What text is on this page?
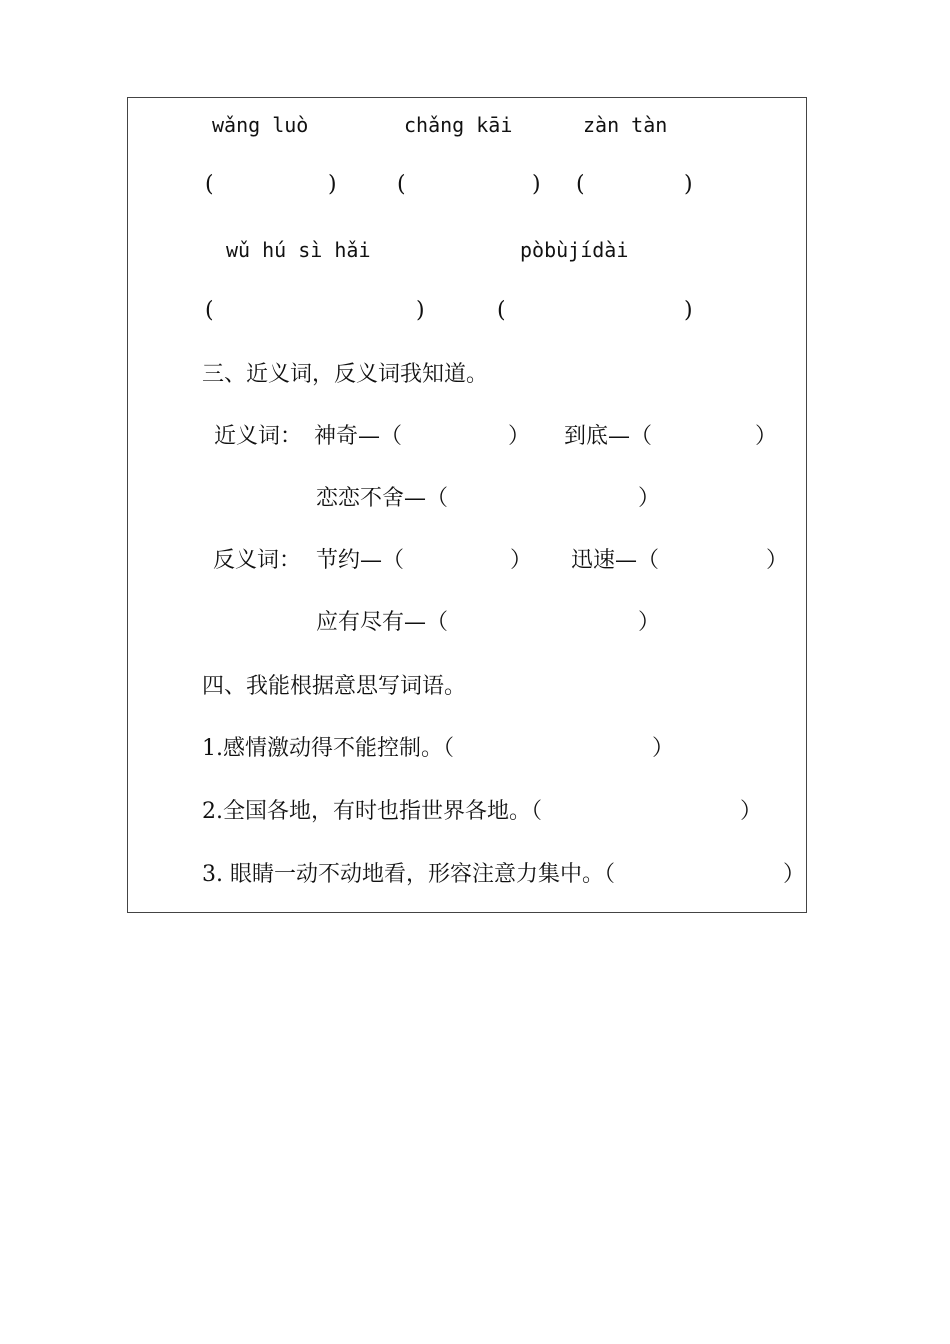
wǎng luò	chǎng kāi	zàn tàn
(	)	(	) (	)
wǔ hú sì hǎi	pòbùjídài
(	)	(	)
三、近义词，反义词我知道。
近义词： 神奇—（	） 到底—（	）
恋恋不舍—（	）
反义词： 节约—（	） 迅速—（	）
应有尽有—（	）
四、我能根据意思写词语。
1.感情激动得不能控制。（	）
2.全国各地，有时也指世界各地。（	）
3. 眼睛一动不动地看，形容注意力集中。（	）
